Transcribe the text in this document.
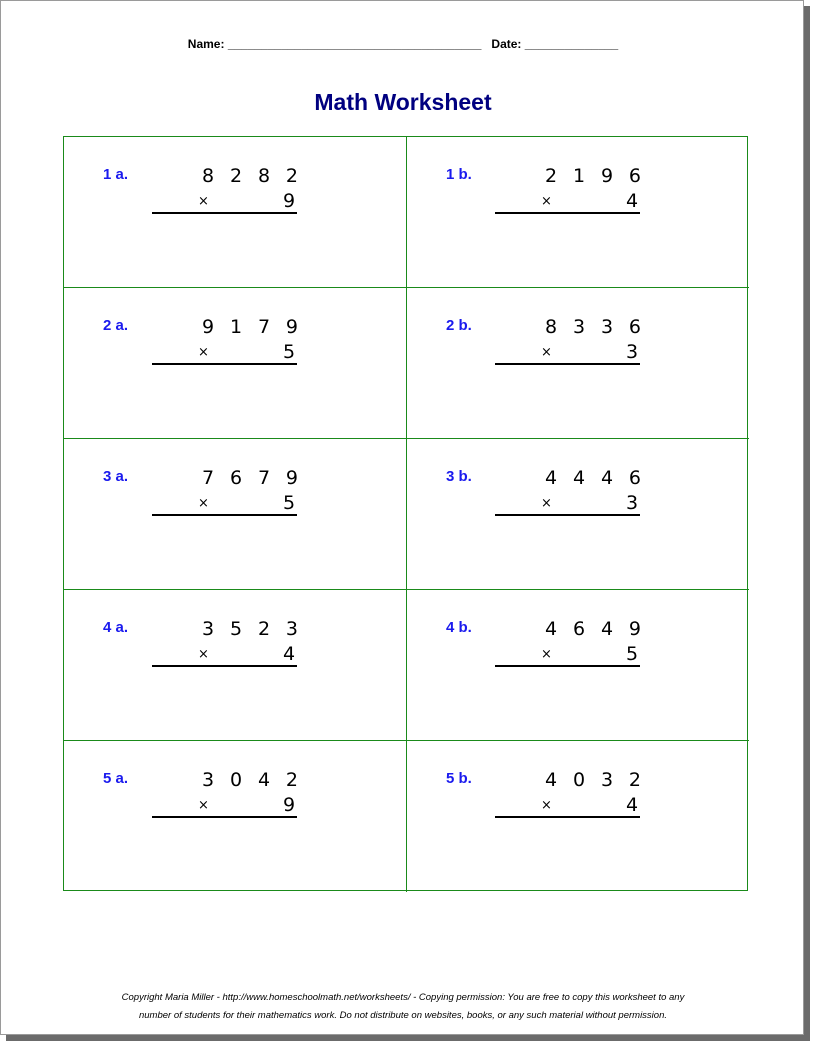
Name: ______________________________________ Date: ______________
Math Worksheet
1 a.	8 2 8 2
×	9
1 b.	2 1 9 6
×	4
2 a.	9 1 7 9
×	5
2 b.	8 3 3 6
×	3
3 a.	7 6 7 9
×	5
3 b.	4 4 4 6
×	3
4 a.	3 5 2 3
×	4
4 b.	4 6 4 9
×	5
5 a.	3 0 4 2
×	9
5 b.	4 0 3 2
×	4
Copyright Maria Miller - http://www.homeschoolmath.net/worksheets/ - Copying permission: You are free to copy this worksheet to any
number of students for their mathematics work. Do not distribute on websites, books, or any such material without permission.
